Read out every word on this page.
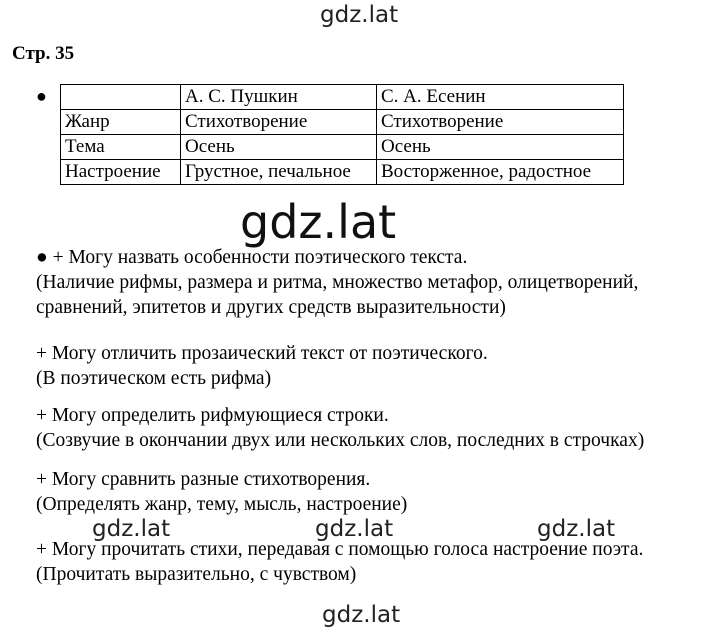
gdz.lat
Стр. 35
●
		А. С. Пушкин	С. А. Есенин
Жанр	Стихотворение	Стихотворение
Тема	Осень	Осень
Настроение	Грустное, печальное	Восторженное, радостное
gdz.lat
● + Могу назвать особенности поэтического текста.
(Наличие рифмы, размера и ритма, множество метафор, олицетворений,
сравнений, эпитетов и других средств выразительности)
+ Могу отличить прозаический текст от поэтического.
(В поэтическом есть рифма)
+ Могу определить рифмующиеся строки.
(Созвучие в окончании двух или нескольких слов, последних в строчках)
+ Могу сравнить разные стихотворения.
(Определять жанр, тему, мысль, настроение)
gdz.lat	gdz.lat	gdz.lat
+ Могу прочитать стихи, передавая с помощью голоса настроение поэта.
(Прочитать выразительно, с чувством)
gdz.lat
